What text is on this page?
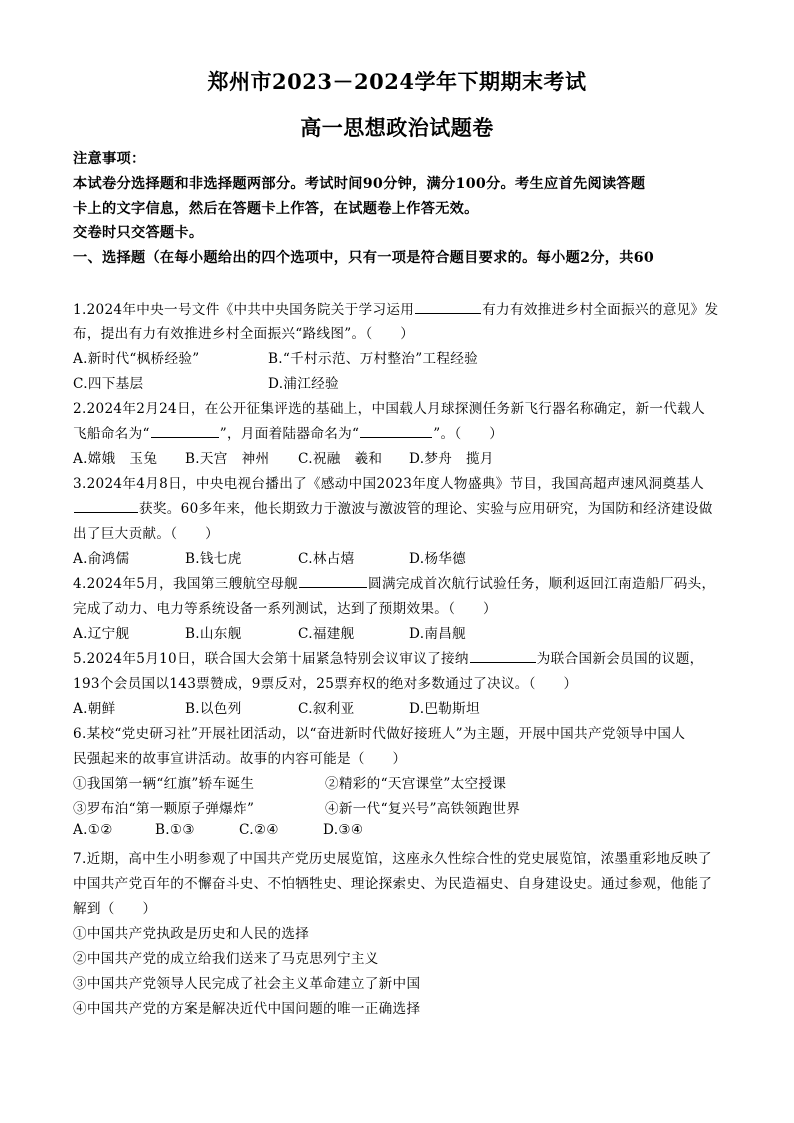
郑州市2023－2024学年下期期末考试
高一思想政治试题卷
注意事项：
本试卷分选择题和非选择题两部分。考试时间90分钟，满分100分。考生应首先阅读答题
卡上的文字信息，然后在答题卡上作答，在试题卷上作答无效。
交卷时只交答题卡。
一、选择题（在每小题给出的四个选项中，只有一项是符合题目要求的。每小题2分，共60
1.2024年中央一号文件《中共中央国务院关于学习运用	有力有效推进乡村全面振兴的意见》发
布，提出有力有效推进乡村全面振兴“路线图”。（　　）
A.新时代“枫桥经验”	B.“千村示范、万村整治”工程经验
C.四下基层	D.浦江经验
2.2024年2月24日，在公开征集评选的基础上，中国载人月球探测任务新飞行器名称确定，新一代载人
飞船命名为“	”，月面着陆器命名为“	”。（　　）
A.嫦娥　玉兔 B.天宫　神州 C.祝融　羲和 D.梦舟　揽月
3.2024年4月8日，中央电视台播出了《感动中国2023年度人物盛典》节目，我国高超声速风洞奠基人
获奖。60多年来，他长期致力于激波与激波管的理论、实验与应用研究，为国防和经济建设做
出了巨大贡献。（　　）
A.俞鸿儒	B.钱七虎	C.林占熺	D.杨华德
4.2024年5月，我国第三艘航空母舰	圆满完成首次航行试验任务，顺利返回江南造船厂码头，
完成了动力、电力等系统设备一系列测试，达到了预期效果。（　　）
A.辽宁舰	B.山东舰	C.福建舰	D.南昌舰
5.2024年5月10日，联合国大会第十届紧急特别会议审议了接纳	为联合国新会员国的议题，
193个会员国以143票赞成，9票反对，25票弃权的绝对多数通过了决议。（　　）
A.朝鲜	B.以色列	C.叙利亚	D.巴勒斯坦
6.某校“党史研习社”开展社团活动，以“奋进新时代做好接班人”为主题，开展中国共产党领导中国人
民强起来的故事宣讲活动。故事的内容可能是（　　）
①我国第一辆“红旗”轿车诞生	②精彩的“天宫课堂”太空授课
③罗布泊“第一颗原子弹爆炸”	④新一代“复兴号”高铁领跑世界
A.①②	B.①③	C.②④	D.③④
7.近期，高中生小明参观了中国共产党历史展览馆，这座永久性综合性的党史展览馆，浓墨重彩地反映了
中国共产党百年的不懈奋斗史、不怕牺牲史、理论探索史、为民造福史、自身建设史。通过参观，他能了
解到（　　）
①中国共产党执政是历史和人民的选择
②中国共产党的成立给我们送来了马克思列宁主义
③中国共产党领导人民完成了社会主义革命建立了新中国
④中国共产党的方案是解决近代中国问题的唯一正确选择
